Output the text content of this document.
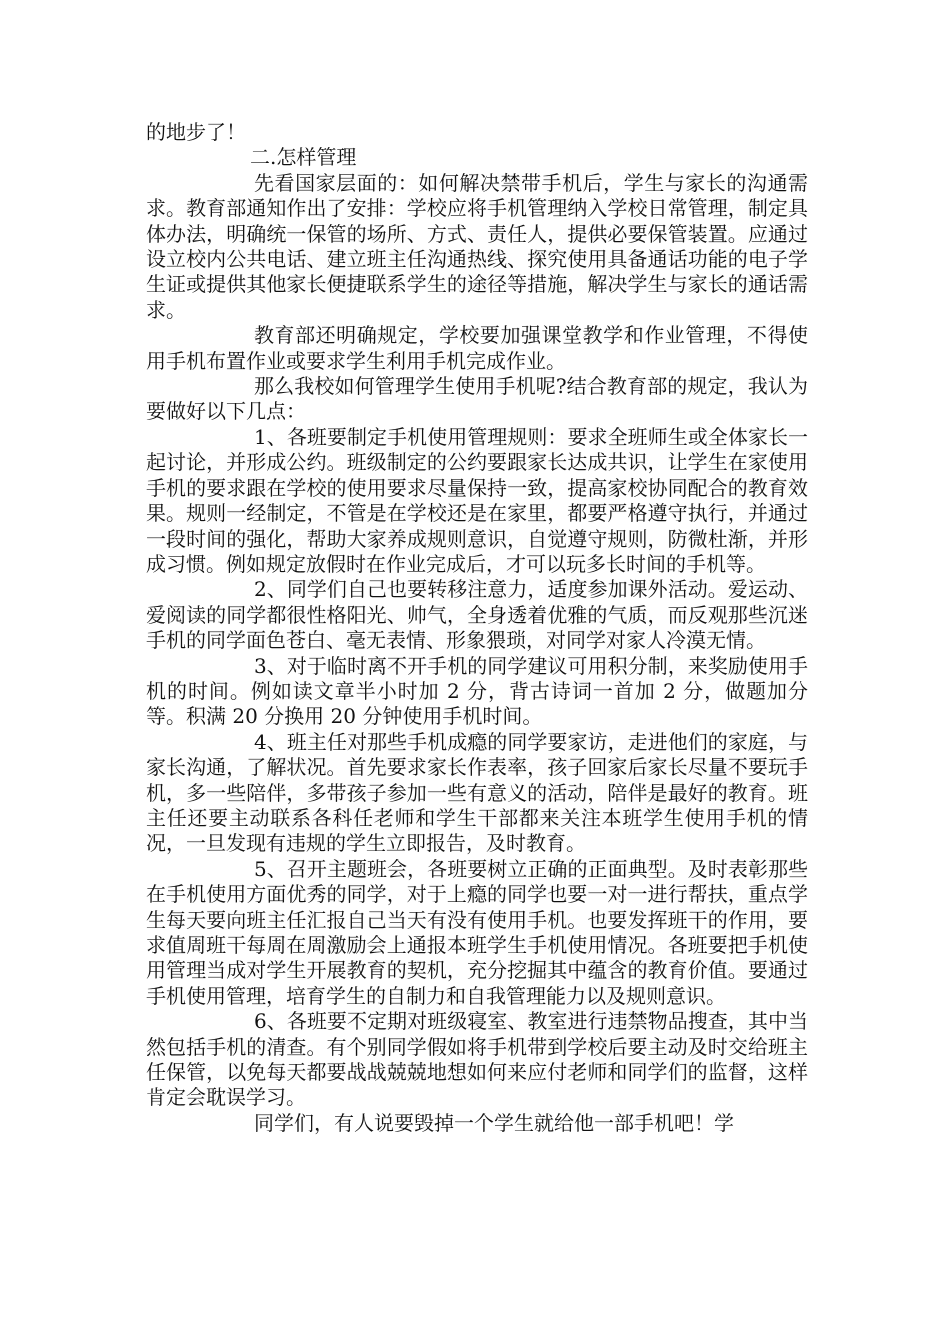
的地步了！

二.怎样管理

先看国家层面的：如何解决禁带手机后，学生与家长的沟通需求。教育部通知作出了安排：学校应将手机管理纳入学校日常管理，制定具体办法，明确统一保管的场所、方式、责任人，提供必要保管装置。应通过设立校内公共电话、建立班主任沟通热线、探究使用具备通话功能的电子学生证或提供其他家长便捷联系学生的途径等措施，解决学生与家长的通话需求。

教育部还明确规定，学校要加强课堂教学和作业管理，不得使用手机布置作业或要求学生利用手机完成作业。

那么我校如何管理学生使用手机呢?结合教育部的规定，我认为要做好以下几点：

1、各班要制定手机使用管理规则：要求全班师生或全体家长一起讨论，并形成公约。班级制定的公约要跟家长达成共识，让学生在家使用手机的要求跟在学校的使用要求尽量保持一致，提高家校协同配合的教育效果。规则一经制定，不管是在学校还是在家里，都要严格遵守执行，并通过一段时间的强化，帮助大家养成规则意识，自觉遵守规则，防微杜渐，并形成习惯。例如规定放假时在作业完成后，才可以玩多长时间的手机等。

2、同学们自己也要转移注意力，适度参加课外活动。爱运动、爱阅读的同学都很性格阳光、帅气，全身透着优雅的气质，而反观那些沉迷手机的同学面色苍白、毫无表情、形象猥琐，对同学对家人冷漠无情。

3、对于临时离不开手机的同学建议可用积分制，来奖励使用手机的时间。例如读文章半小时加 2 分，背古诗词一首加 2 分，做题加分等。积满 20 分换用 20 分钟使用手机时间。

4、班主任对那些手机成瘾的同学要家访，走进他们的家庭，与家长沟通，了解状况。首先要求家长作表率，孩子回家后家长尽量不要玩手机，多一些陪伴，多带孩子参加一些有意义的活动，陪伴是最好的教育。班主任还要主动联系各科任老师和学生干部都来关注本班学生使用手机的情况，一旦发现有违规的学生立即报告，及时教育。

5、召开主题班会，各班要树立正确的正面典型。及时表彰那些在手机使用方面优秀的同学，对于上瘾的同学也要一对一进行帮扶，重点学生每天要向班主任汇报自己当天有没有使用手机。也要发挥班干的作用，要求值周班干每周在周激励会上通报本班学生手机使用情况。各班要把手机使用管理当成对学生开展教育的契机，充分挖掘其中蕴含的教育价值。要通过手机使用管理，培育学生的自制力和自我管理能力以及规则意识。

6、各班要不定期对班级寝室、教室进行违禁物品搜查，其中当然包括手机的清查。有个别同学假如将手机带到学校后要主动及时交给班主任保管，以免每天都要战战兢兢地想如何来应付老师和同学们的监督，这样肯定会耽误学习。

同学们，有人说要毁掉一个学生就给他一部手机吧！学
